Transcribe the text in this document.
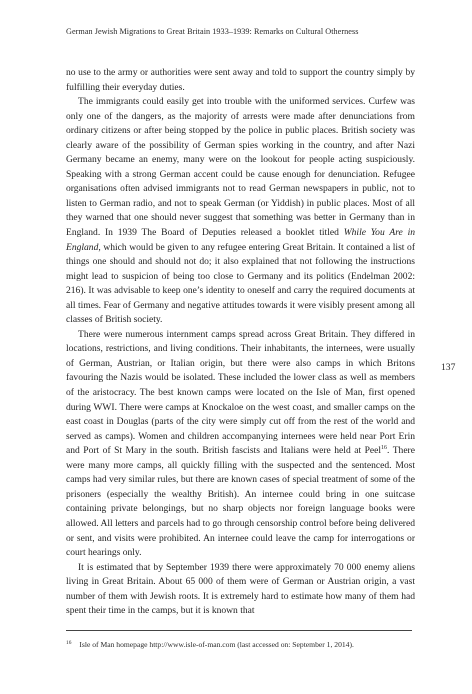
German Jewish Migrations to Great Britain 1933–1939: Remarks on Cultural Otherness

no use to the army or authorities were sent away and told to support the country simply by fulfilling their everyday duties.

The immigrants could easily get into trouble with the uniformed services. Curfew was only one of the dangers, as the majority of arrests were made after denunciations from ordinary citizens or after being stopped by the police in public places. British society was clearly aware of the possibility of German spies working in the country, and after Nazi Germany became an enemy, many were on the lookout for people acting suspiciously. Speaking with a strong German accent could be cause enough for denunciation. Refugee organisations often advised immigrants not to read German newspapers in public, not to listen to German radio, and not to speak German (or Yiddish) in public places. Most of all they warned that one should never suggest that something was better in Germany than in England. In 1939 The Board of Deputies released a booklet titled While You Are in England, which would be given to any refugee entering Great Britain. It contained a list of things one should and should not do; it also explained that not following the instructions might lead to suspicion of being too close to Germany and its politics (Endelman 2002: 216). It was advisable to keep one’s identity to oneself and carry the required documents at all times. Fear of Germany and negative attitudes towards it were visibly present among all classes of British society.

There were numerous internment camps spread across Great Britain. They differed in locations, restrictions, and living conditions. Their inhabitants, the internees, were usually of German, Austrian, or Italian origin, but there were also camps in which Britons favouring the Nazis would be isolated. These included the lower class as well as members of the aristocracy. The best known camps were located on the Isle of Man, first opened during WWI. There were camps at Knockaloe on the west coast, and smaller camps on the east coast in Douglas (parts of the city were simply cut off from the rest of the world and served as camps). Women and children accompanying internees were held near Port Erin and Port of St Mary in the south. British fascists and Italians were held at Peel$^{16}$. There were many more camps, all quickly filling with the suspected and the sentenced. Most camps had very similar rules, but there are known cases of special treatment of some of the prisoners (especially the wealthy British). An internee could bring in one suitcase containing private belongings, but no sharp objects nor foreign language books were allowed. All letters and parcels had to go through censorship control before being delivered or sent, and visits were prohibited. An internee could leave the camp for interrogations or court hearings only.

It is estimated that by September 1939 there were approximately 70 000 enemy aliens living in Great Britain. About 65 000 of them were of German or Austrian origin, a vast number of them with Jewish roots. It is extremely hard to estimate how many of them had spent their time in the camps, but it is known that

137
$^{16}$ Isle of Man homepage http://www.isle-of-man.com (last accessed on: September 1, 2014).
